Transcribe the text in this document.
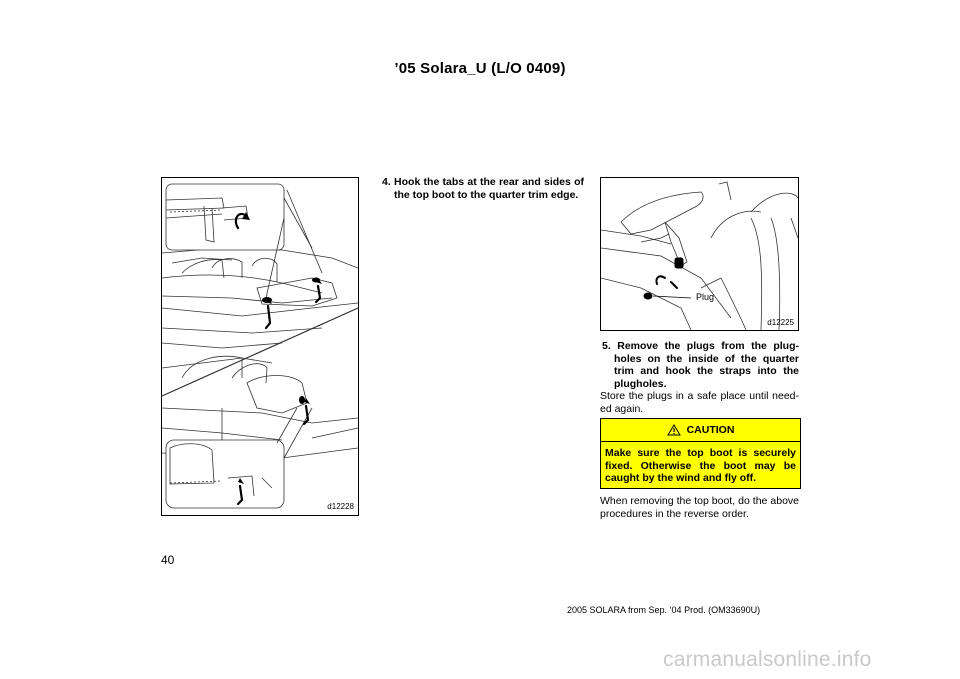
’05 Solara_U (L/O 0409)
d12228
4. Hook the tabs at the rear and sides of the top boot to the quarter trim edge.
Plug
d12225
5. Remove the plugs from the plug-holes on the inside of the quarter trim and hook the straps into the plugholes.
Store the plugs in a safe place until need-ed again.
CAUTION
Make sure the top boot is securely fixed. Otherwise the boot may be caught by the wind and fly off.
When removing the top boot, do the above procedures in the reverse order.
40
2005 SOLARA from Sep. ’04 Prod. (OM33690U)
carmanualsonline.info
